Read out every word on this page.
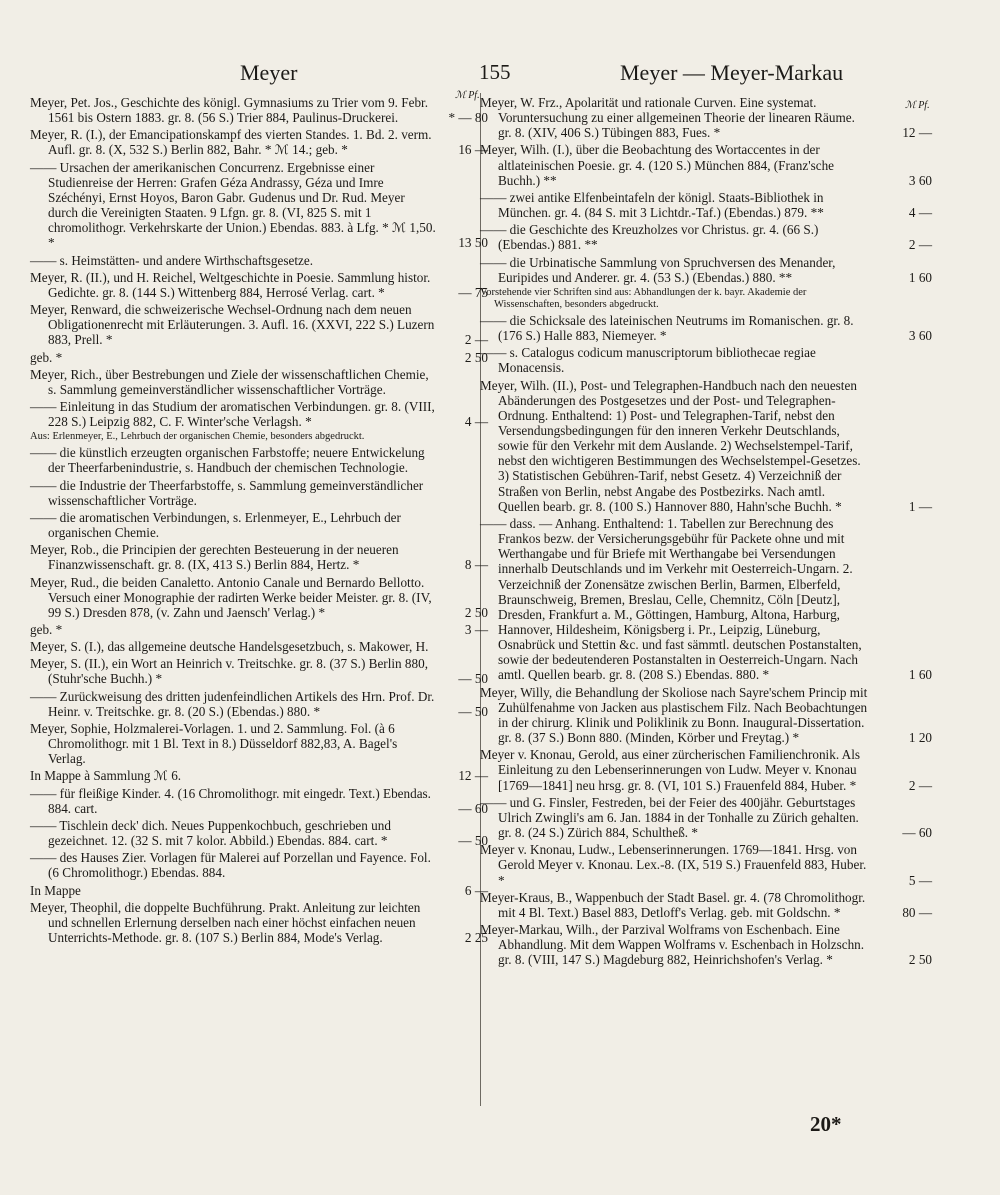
Meyer	155	Meyer — Meyer-Markau
ℳ Pf.
ℳ Pf.
Meyer, Pet. Jos., Geschichte des königl. Gymnasiums zu Trier vom 9. Febr. 1561 bis Ostern 1883. gr. 8. (56 S.) Trier 884, Paulinus-Druckerei.	* — 80
Meyer, R. (I.), der Emancipationskampf des vierten Standes. 1. Bd. 2. verm. Aufl. gr. 8. (X, 532 S.) Berlin 882, Bahr. * ℳ 14.; geb. *	16 —
—— Ursachen der amerikanischen Concurrenz. Ergebnisse einer Studienreise der Herren: Grafen Géza Andrassy, Géza und Imre Széchényi, Ernst Hoyos, Baron Gabr. Gudenus und Dr. Rud. Meyer durch die Vereinigten Staaten. 9 Lfgn. gr. 8. (VI, 825 S. mit 1 chromolithogr. Verkehrskarte der Union.) Ebendas. 883. à Lfg. * ℳ 1,50. *	13 50
—— s. Heimstätten- und andere Wirthschaftsgesetze.
Meyer, R. (II.), und H. Reichel, Weltgeschichte in Poesie. Sammlung histor. Gedichte. gr. 8. (144 S.) Wittenberg 884, Herrosé Verlag. cart. *	— 75
Meyer, Renward, die schweizerische Wechsel-Ordnung nach dem neuen Obligationenrecht mit Erläuterungen. 3. Aufl. 16. (XXVI, 222 S.) Luzern 883, Prell. *	2 —
geb. *	2 50
Meyer, Rich., über Bestrebungen und Ziele der wissenschaftlichen Chemie, s. Sammlung gemeinverständlicher wissenschaftlicher Vorträge.
—— Einleitung in das Studium der aromatischen Verbindungen. gr. 8. (VIII, 228 S.) Leipzig 882, C. F. Winter'sche Verlagsh. *	4 —
Aus: Erlenmeyer, E., Lehrbuch der organischen Chemie, besonders abgedruckt.
—— die künstlich erzeugten organischen Farbstoffe; neuere Entwickelung der Theerfarbenindustrie, s. Handbuch der chemischen Technologie.
—— die Industrie der Theerfarbstoffe, s. Sammlung gemeinverständlicher wissenschaftlicher Vorträge.
—— die aromatischen Verbindungen, s. Erlenmeyer, E., Lehrbuch der organischen Chemie.
Meyer, Rob., die Principien der gerechten Besteuerung in der neueren Finanzwissenschaft. gr. 8. (IX, 413 S.) Berlin 884, Hertz. *	8 —
Meyer, Rud., die beiden Canaletto. Antonio Canale und Bernardo Bellotto. Versuch einer Monographie der radirten Werke beider Meister. gr. 8. (IV, 99 S.) Dresden 878, (v. Zahn und Jaensch' Verlag.) *	2 50
geb. *	3 —
Meyer, S. (I.), das allgemeine deutsche Handelsgesetzbuch, s. Makower, H.
Meyer, S. (II.), ein Wort an Heinrich v. Treitschke. gr. 8. (37 S.) Berlin 880, (Stuhr'sche Buchh.) *	— 50
—— Zurückweisung des dritten judenfeindlichen Artikels des Hrn. Prof. Dr. Heinr. v. Treitschke. gr. 8. (20 S.) (Ebendas.) 880. *	— 50
Meyer, Sophie, Holzmalerei-Vorlagen. 1. und 2. Sammlung. Fol. (à 6 Chromolithogr. mit 1 Bl. Text in 8.) Düsseldorf 882,83, A. Bagel's Verlag.
In Mappe à Sammlung ℳ 6.	12 —
—— für fleißige Kinder. 4. (16 Chromolithogr. mit eingedr. Text.) Ebendas. 884. cart.	— 60
—— Tischlein deck' dich. Neues Puppenkochbuch, geschrieben und gezeichnet. 12. (32 S. mit 7 kolor. Abbild.) Ebendas. 884. cart. *	— 50
—— des Hauses Zier. Vorlagen für Malerei auf Porzellan und Fayence. Fol. (6 Chromolithogr.) Ebendas. 884.
In Mappe	6 —
Meyer, Theophil, die doppelte Buchführung. Prakt. Anleitung zur leichten und schnellen Erlernung derselben nach einer höchst einfachen neuen Unterrichts-Methode. gr. 8. (107 S.) Berlin 884, Mode's Verlag.	2 25
Meyer, W. Frz., Apolarität und rationale Curven. Eine systemat. Voruntersuchung zu einer allgemeinen Theorie der linearen Räume. gr. 8. (XIV, 406 S.) Tübingen 883, Fues. *	12 —
Meyer, Wilh. (I.), über die Beobachtung des Wortaccentes in der altlateinischen Poesie. gr. 4. (120 S.) München 884, (Franz'sche Buchh.) **	3 60
—— zwei antike Elfenbeintafeln der königl. Staats-Bibliothek in München. gr. 4. (84 S. mit 3 Lichtdr.-Taf.) (Ebendas.) 879. **	4 —
—— die Geschichte des Kreuzholzes vor Christus. gr. 4. (66 S.) (Ebendas.) 881. **	2 —
—— die Urbinatische Sammlung von Spruchversen des Menander, Euripides und Anderer. gr. 4. (53 S.) (Ebendas.) 880. **	1 60
Vorstehende vier Schriften sind aus: Abhandlungen der k. bayr. Akademie der Wissenschaften, besonders abgedruckt.
—— die Schicksale des lateinischen Neutrums im Romanischen. gr. 8. (176 S.) Halle 883, Niemeyer. *	3 60
—— s. Catalogus codicum manuscriptorum bibliothecae regiae Monacensis.
Meyer, Wilh. (II.), Post- und Telegraphen-Handbuch nach den neuesten Abänderungen des Postgesetzes und der Post- und Telegraphen-Ordnung. Enthaltend: 1) Post- und Telegraphen-Tarif, nebst den Versendungsbedingungen für den inneren Verkehr Deutschlands, sowie für den Verkehr mit dem Auslande. 2) Wechselstempel-Tarif, nebst den wichtigeren Bestimmungen des Wechselstempel-Gesetzes. 3) Statistischen Gebühren-Tarif, nebst Gesetz. 4) Verzeichniß der Straßen von Berlin, nebst Angabe des Postbezirks. Nach amtl. Quellen bearb. gr. 8. (100 S.) Hannover 880, Hahn'sche Buchh. *	1 —
—— dass. — Anhang. Enthaltend: 1. Tabellen zur Berechnung des Frankos bezw. der Versicherungsgebühr für Packete ohne und mit Werthangabe und für Briefe mit Werthangabe bei Versendungen innerhalb Deutschlands und im Verkehr mit Oesterreich-Ungarn. 2. Verzeichniß der Zonensätze zwischen Berlin, Barmen, Elberfeld, Braunschweig, Bremen, Breslau, Celle, Chemnitz, Cöln [Deutz], Dresden, Frankfurt a. M., Göttingen, Hamburg, Altona, Harburg, Hannover, Hildesheim, Königsberg i. Pr., Leipzig, Lüneburg, Osnabrück und Stettin &c. und fast sämmtl. deutschen Postanstalten, sowie der bedeutenderen Postanstalten in Oesterreich-Ungarn. Nach amtl. Quellen bearb. gr. 8. (208 S.) Ebendas. 880. *	1 60
Meyer, Willy, die Behandlung der Skoliose nach Sayre'schem Princip mit Zuhülfenahme von Jacken aus plastischem Filz. Nach Beobachtungen in der chirurg. Klinik und Poliklinik zu Bonn. Inaugural-Dissertation. gr. 8. (37 S.) Bonn 880. (Minden, Körber und Freytag.) *	1 20
Meyer v. Knonau, Gerold, aus einer zürcherischen Familienchronik. Als Einleitung zu den Lebenserinnerungen von Ludw. Meyer v. Knonau [1769—1841] neu hrsg. gr. 8. (VI, 101 S.) Frauenfeld 884, Huber. *	2 —
—— und G. Finsler, Festreden, bei der Feier des 400jähr. Geburtstages Ulrich Zwingli's am 6. Jan. 1884 in der Tonhalle zu Zürich gehalten. gr. 8. (24 S.) Zürich 884, Schultheß. *	— 60
Meyer v. Knonau, Ludw., Lebenserinnerungen. 1769—1841. Hrsg. von Gerold Meyer v. Knonau. Lex.-8. (IX, 519 S.) Frauenfeld 883, Huber. *	5 —
Meyer-Kraus, B., Wappenbuch der Stadt Basel. gr. 4. (78 Chromolithogr. mit 4 Bl. Text.) Basel 883, Detloff's Verlag. geb. mit Goldschn. *	80 —
Meyer-Markau, Wilh., der Parzival Wolframs von Eschenbach. Eine Abhandlung. Mit dem Wappen Wolframs v. Eschenbach in Holzschn. gr. 8. (VIII, 147 S.) Magdeburg 882, Heinrichshofen's Verlag. *	2 50
20*
